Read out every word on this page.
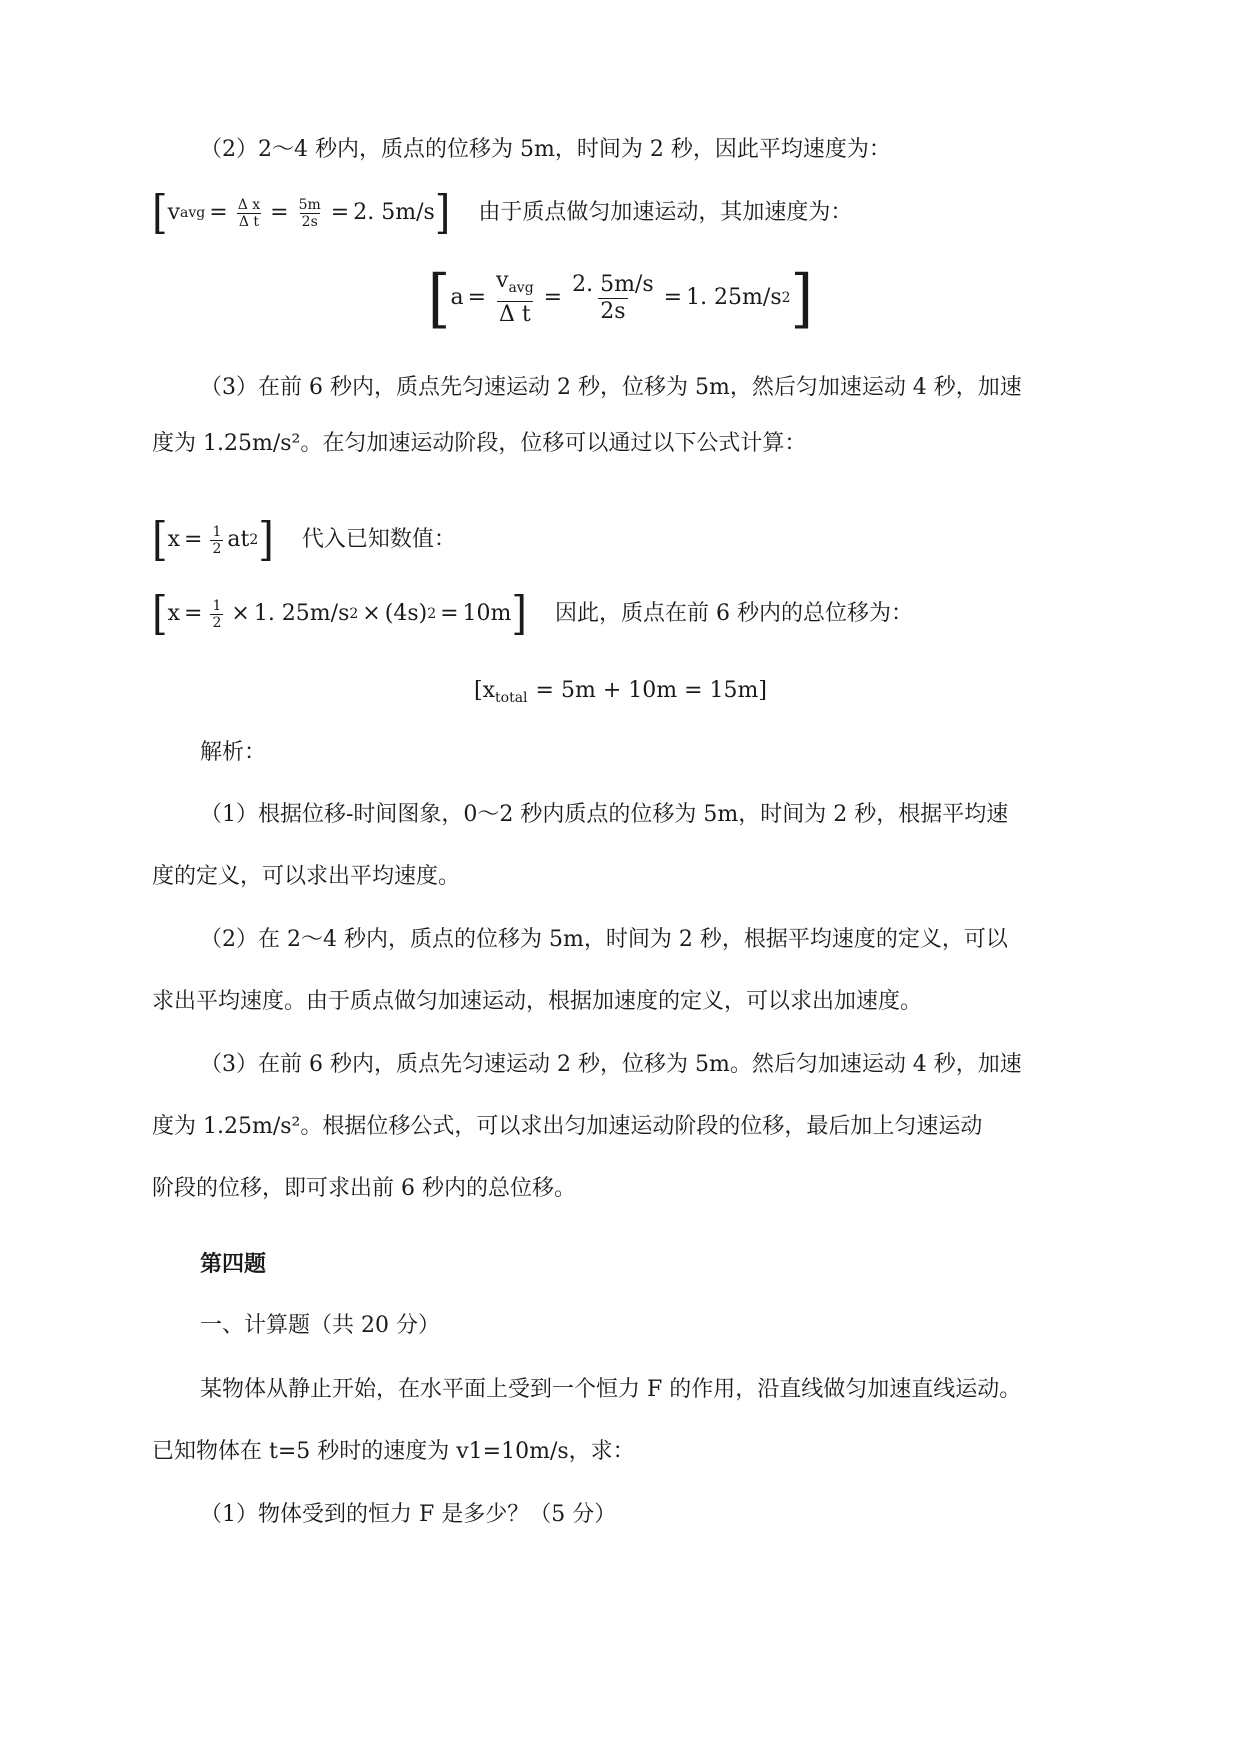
（2）2～4 秒内，质点的位移为 5m，时间为 2 秒，因此平均速度为：
[ v avg = $\frac{\text{Δ x}}{\text{Δ t}} = \frac{5m}{2s} = 2$. 5m/s ] 由于质点做匀加速运动，其加速度为：
[ $a = \frac{v_{avg}}{\text{Δ t}} = \frac{2. 5m/s}{2s} = 1$. 25m/s 2 ]
（3）在前 6 秒内，质点先匀速运动 2 秒，位移为 5m，然后匀加速运动 4 秒，加速
度为 1.25m/s²。在匀加速运动阶段，位移可以通过以下公式计算：
[ $x = \frac{1}{2}$ at 2 ] 代入已知数值：
[ $x = \frac{1}{2} \times 1$. 25m/s 2 × (4s) 2 = 10m ] 因此，质点在前 6 秒内的总位移为：
$[x_{total} = 5m + 10m = 15m]$
解析：
（1）根据位移-时间图象，0～2 秒内质点的位移为 5m，时间为 2 秒，根据平均速
度的定义，可以求出平均速度。
（2）在 2～4 秒内，质点的位移为 5m，时间为 2 秒，根据平均速度的定义，可以
求出平均速度。由于质点做匀加速运动，根据加速度的定义，可以求出加速度。
（3）在前 6 秒内，质点先匀速运动 2 秒，位移为 5m。然后匀加速运动 4 秒，加速
度为 1.25m/s²。根据位移公式，可以求出匀加速运动阶段的位移，最后加上匀速运动
阶段的位移，即可求出前 6 秒内的总位移。
第四题
一、计算题（共 20 分）
某物体从静止开始，在水平面上受到一个恒力 F 的作用，沿直线做匀加速直线运动。
已知物体在 t=5 秒时的速度为 v1=10m/s，求：
（1）物体受到的恒力 F 是多少？（5 分）
